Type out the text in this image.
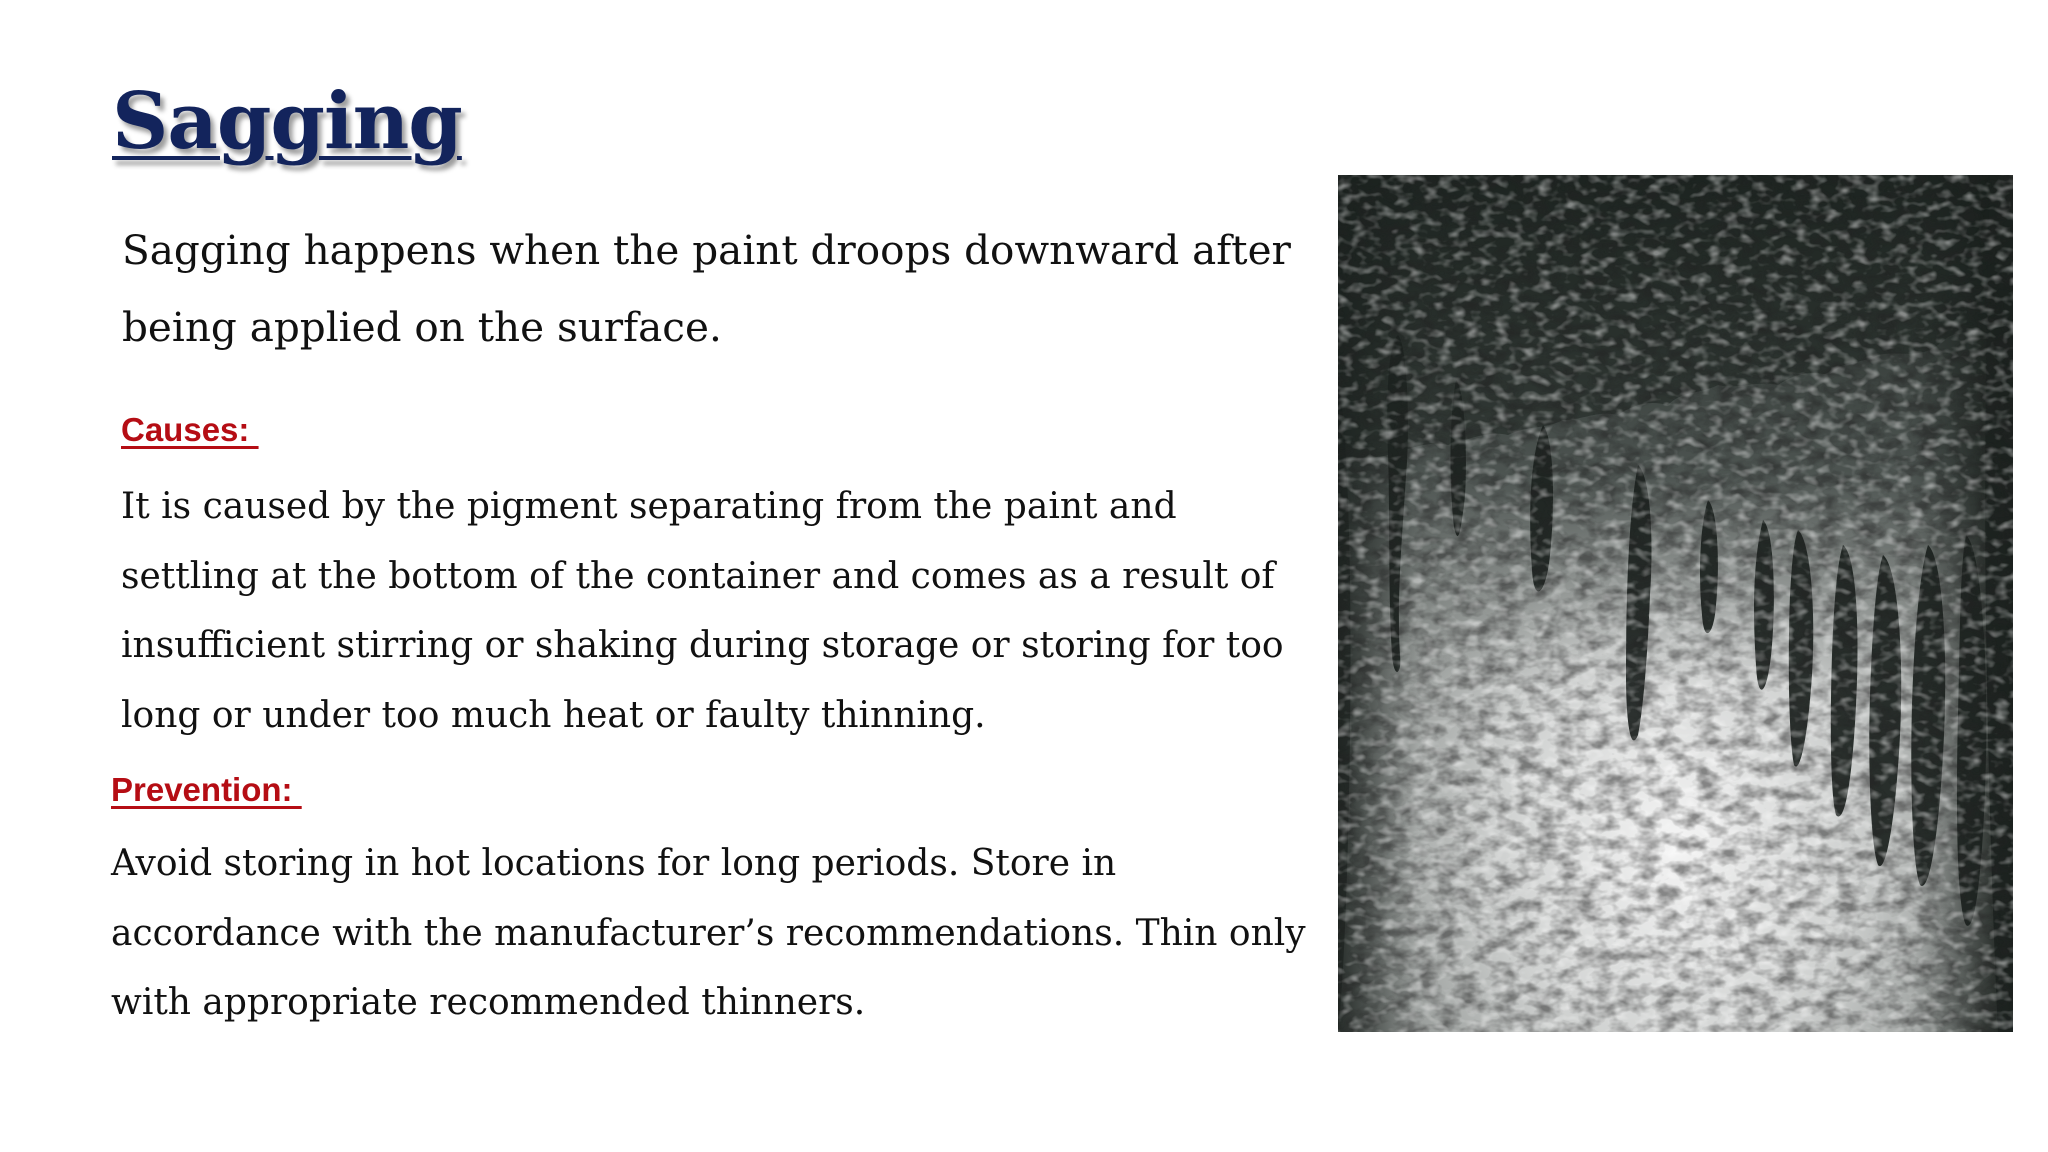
Sagging

Sagging happens when the paint droops downward after being applied on the surface.

Causes:

It is caused by the pigment separating from the paint and settling at the bottom of the container and comes as a result of insufficient stirring or shaking during storage or storing for too long or under too much heat or faulty thinning.

Prevention:

Avoid storing in hot locations for long periods. Store in accordance with the manufacturer’s recommendations. Thin only with appropriate recommended thinners.
